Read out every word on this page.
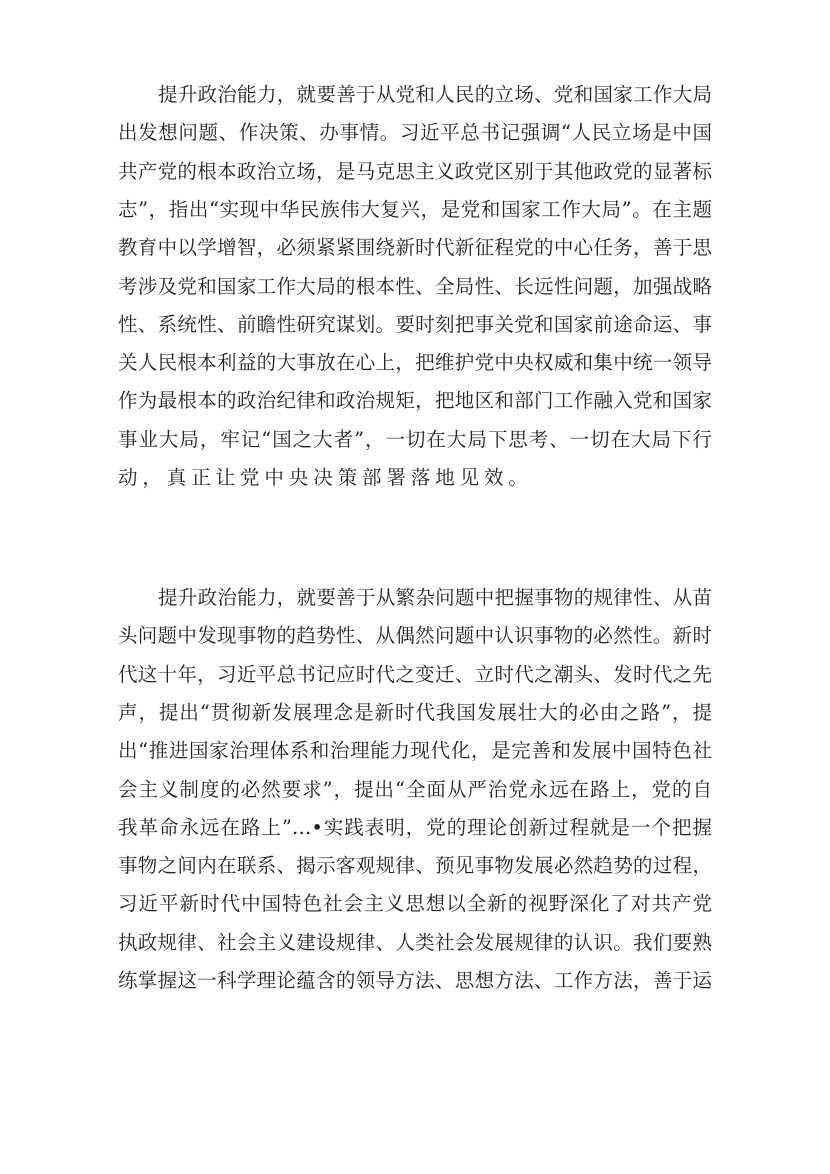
提升政治能力，就要善于从党和人民的立场、党和国家工作大局
出发想问题、作决策、办事情。习近平总书记强调“人民立场是中国
共产党的根本政治立场，是马克思主义政党区别于其他政党的显著标
志”，指出“实现中华民族伟大复兴，是党和国家工作大局”。在主题
教育中以学增智，必须紧紧围绕新时代新征程党的中心任务，善于思
考涉及党和国家工作大局的根本性、全局性、长远性问题，加强战略
性、系统性、前瞻性研究谋划。要时刻把事关党和国家前途命运、事
关人民根本利益的大事放在心上，把维护党中央权威和集中统一领导
作为最根本的政治纪律和政治规矩，把地区和部门工作融入党和国家
事业大局，牢记“国之大者”，一切在大局下思考、一切在大局下行
动，真正让党中央决策部署落地见效。
提升政治能力，就要善于从繁杂问题中把握事物的规律性、从苗
头问题中发现事物的趋势性、从偶然问题中认识事物的必然性。新时
代这十年，习近平总书记应时代之变迁、立时代之潮头、发时代之先
声，提出“贯彻新发展理念是新时代我国发展壮大的必由之路”，提
出“推进国家治理体系和治理能力现代化，是完善和发展中国特色社
会主义制度的必然要求”，提出“全面从严治党永远在路上，党的自
我革命永远在路上”…•实践表明，党的理论创新过程就是一个把握
事物之间内在联系、揭示客观规律、预见事物发展必然趋势的过程，
习近平新时代中国特色社会主义思想以全新的视野深化了对共产党
执政规律、社会主义建设规律、人类社会发展规律的认识。我们要熟
练掌握这一科学理论蕴含的领导方法、思想方法、工作方法，善于运
